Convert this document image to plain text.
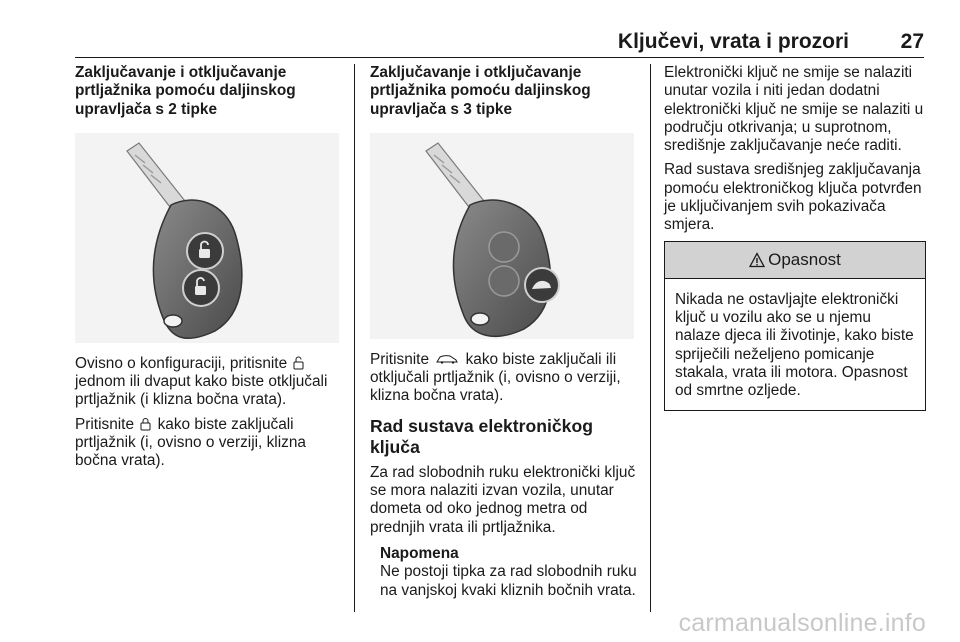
Ključevi, vrata i prozori 27
Zaključavanje i otključavanje prtljažnika pomoću daljinskog upravljača s 2 tipke

Ovisno o konfiguraciji, pritisnite  jednom ili dvaput kako biste otključali prtljažnik (i klizna bočna vrata).

Pritisnite kako biste zaključali prtljažnik (i, ovisno o verziji, klizna bočna vrata).

Zaključavanje i otključavanje prtljažnika pomoću daljinskog upravljača s 3 tipke

Pritisnite kako biste zaključali ili otključali prtljažnik (i, ovisno o verziji, klizna bočna vrata).

Rad sustava elektroničkog ključa

Za rad slobodnih ruku elektronički ključ se mora nalaziti izvan vozila, unutar dometa od oko jednog metra od prednjih vrata ili prtljažnika.

Napomena
Ne postoji tipka za rad slobodnih ruku na vanjskoj kvaki kliznih bočnih vrata.

Elektronički ključ ne smije se nalaziti unutar vozila i niti jedan dodatni elektronički ključ ne smije se nalaziti u području otkrivanja; u suprotnom, središnje zaključavanje neće raditi.

Rad sustava središnjeg zaključavanja pomoću elektroničkog ključa potvrđen je uključivanjem svih pokazivača smjera.

Opasnost
Nikada ne ostavljajte elektronički ključ u vozilu ako se u njemu nalaze djeca ili životinje, kako biste spriječili neželjeno pomicanje stakala, vrata ili motora. Opasnost od smrtne ozljede.
carmanualsonline.info
